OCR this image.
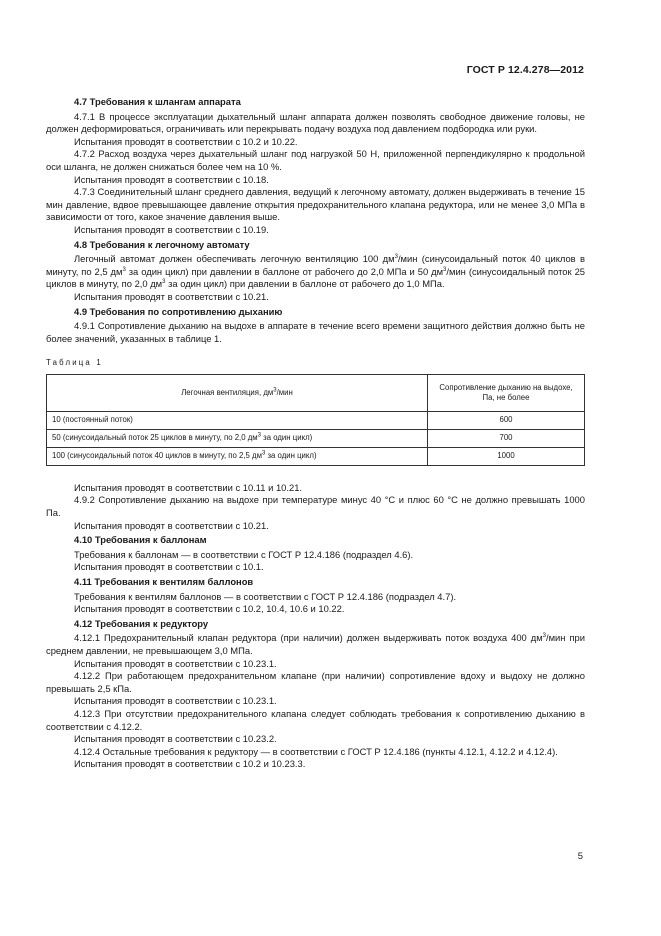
ГОСТ Р 12.4.278—2012
4.7 Требования к шлангам аппарата

4.7.1 В процессе эксплуатации дыхательный шланг аппарата должен позволять свободное движение головы, не должен деформироваться, ограничивать или перекрывать подачу воздуха под давлением подбородка или руки.

Испытания проводят в соответствии с 10.2 и 10.22.

4.7.2 Расход воздуха через дыхательный шланг под нагрузкой 50 Н, приложенной перпендикулярно к продольной оси шланга, не должен снижаться более чем на 10 %.

Испытания проводят в соответствии с 10.18.

4.7.3 Соединительный шланг среднего давления, ведущий к легочному автомату, должен выдерживать в течение 15 мин давление, вдвое превышающее давление открытия предохранительного клапана редуктора, или не менее 3,0 МПа в зависимости от того, какое значение давления выше.

Испытания проводят в соответствии с 10.19.

4.8 Требования к легочному автомату

Легочный автомат должен обеспечивать легочную вентиляцию 100 $дм^3$/мин (синусоидальный поток 40 циклов в минуту, по 2,5 $дм^3$ за один цикл) при давлении в баллоне от рабочего до 2,0 МПа и 50 $дм^3$/мин (синусоидальный поток 25 циклов в минуту, по 2,0 $дм^3$ за один цикл) при давлении в баллоне от рабочего до 1,0 МПа.

Испытания проводят в соответствии с 10.21.

4.9 Требования по сопротивлению дыханию

4.9.1 Сопротивление дыханию на выдохе в аппарате в течение всего времени защитного действия должно быть не более значений, указанных в таблице 1.

Таблица 1
Легочная вентиляция, $дм^3$/мин	Сопротивление дыханию на выдохе, Па, не более
10 (постоянный поток)	600
50 (синусоидальный поток 25 циклов в минуту, по 2,0 $дм^3$ за один цикл)	700
100 (синусоидальный поток 40 циклов в минуту, по 2,5 $дм^3$ за один цикл)	1000

Испытания проводят в соответствии с 10.11 и 10.21.

4.9.2 Сопротивление дыханию на выдохе при температуре минус 40 °С и плюс 60 °С не должно превышать 1000 Па.

Испытания проводят в соответствии с 10.21.

4.10 Требования к баллонам

Требования к баллонам — в соответствии с ГОСТ Р 12.4.186 (подраздел 4.6).

Испытания проводят в соответствии с 10.1.

4.11 Требования к вентилям баллонов

Требования к вентилям баллонов — в соответствии с ГОСТ Р 12.4.186 (подраздел 4.7).

Испытания проводят в соответствии с 10.2, 10.4, 10.6 и 10.22.

4.12 Требования к редуктору

4.12.1 Предохранительный клапан редуктора (при наличии) должен выдерживать поток воздуха 400 $дм^3$/мин при среднем давлении, не превышающем 3,0 МПа.

Испытания проводят в соответствии с 10.23.1.

4.12.2 При работающем предохранительном клапане (при наличии) сопротивление вдоху и выдоху не должно превышать 2,5 кПа.

Испытания проводят в соответствии с 10.23.1.

4.12.3 При отсутствии предохранительного клапана следует соблюдать требования к сопротивлению дыханию в соответствии с 4.12.2.

Испытания проводят в соответствии с 10.23.2.

4.12.4 Остальные требования к редуктору — в соответствии с ГОСТ Р 12.4.186 (пункты 4.12.1, 4.12.2 и 4.12.4).

Испытания проводят в соответствии с 10.2 и 10.23.3.

5
